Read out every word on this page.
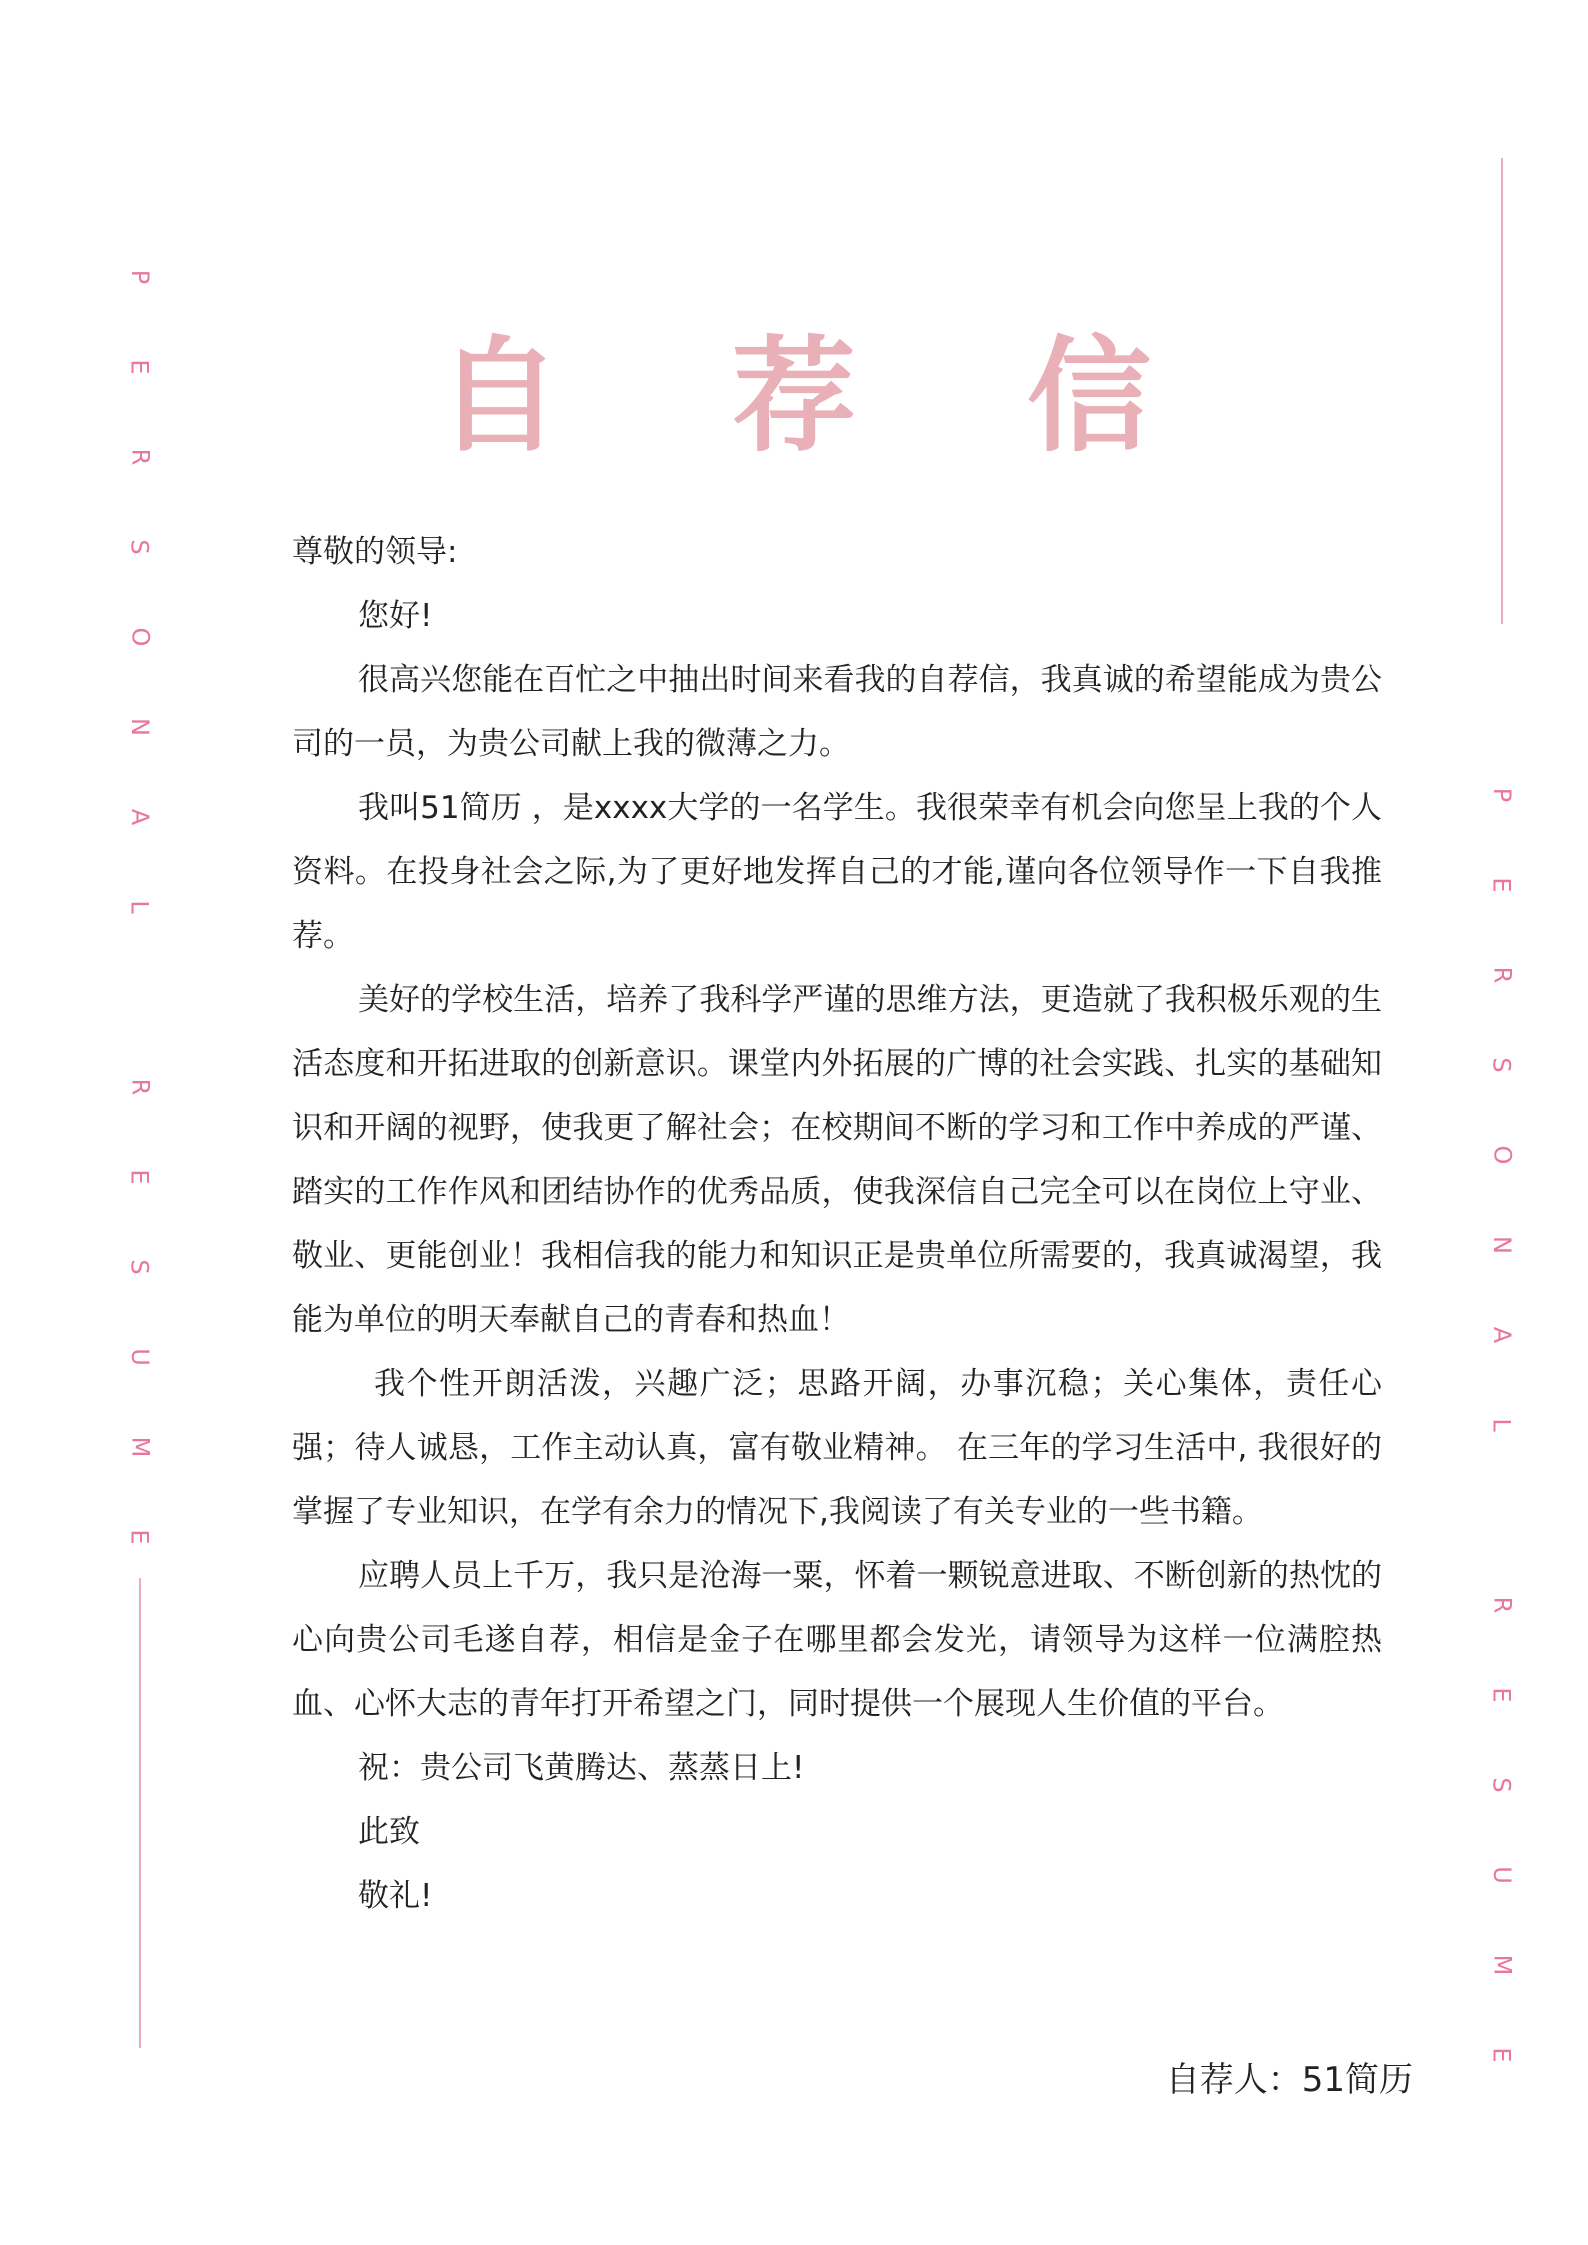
P
E
R
S
O
N
A
L
R
E
S
U
M
E
P
E
R
S
O
N
A
L
R
E
S
U
M
E
自 荐 信

尊敬的领导:

您好!

很高兴您能在百忙之中抽出时间来看我的自荐信，我真诚的希望能成为贵公司的一员，为贵公司献上我的微薄之力。

我叫51简历 ，是xxxx大学的一名学生。我很荣幸有机会向您呈上我的个人资料。在投身社会之际,为了更好地发挥自己的才能,谨向各位领导作一下自我推荐。

美好的学校生活，培养了我科学严谨的思维方法，更造就了我积极乐观的生活态度和开拓进取的创新意识。课堂内外拓展的广博的社会实践、扎实的基础知识和开阔的视野，使我更了解社会；在校期间不断的学习和工作中养成的严谨、踏实的工作作风和团结协作的优秀品质，使我深信自己完全可以在岗位上守业、敬业、更能创业！我相信我的能力和知识正是贵单位所需要的，我真诚渴望，我能为单位的明天奉献自己的青春和热血！

我个性开朗活泼，兴趣广泛；思路开阔，办事沉稳；关心集体，责任心强；待人诚恳，工作主动认真，富有敬业精神。 在三年的学习生活中, 我很好的掌握了专业知识，在学有余力的情况下,我阅读了有关专业的一些书籍。

应聘人员上千万，我只是沧海一粟，怀着一颗锐意进取、不断创新的热忱的心向贵公司毛遂自荐，相信是金子在哪里都会发光，请领导为这样一位满腔热血、心怀大志的青年打开希望之门，同时提供一个展现人生价值的平台。

祝：贵公司飞黄腾达、蒸蒸日上!

此致

敬礼!

自荐人：51简历
